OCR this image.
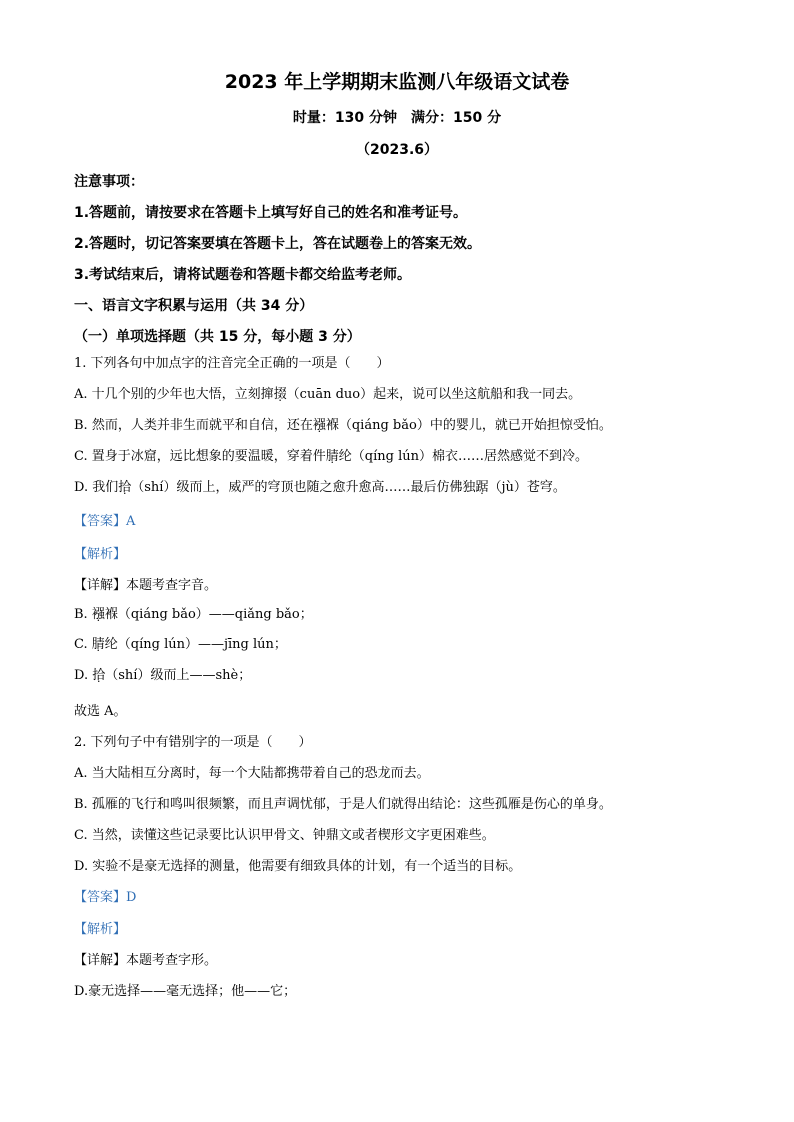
2023 年上学期期末监测八年级语文试卷
时量：130 分钟　满分：150 分
（2023.6）
注意事项：
1.答题前，请按要求在答题卡上填写好自己的姓名和准考证号。
2.答题时，切记答案要填在答题卡上，答在试题卷上的答案无效。
3.考试结束后，请将试题卷和答题卡都交给监考老师。
一、语言文字积累与运用（共 34 分）
（一）单项选择题（共 15 分，每小题 3 分）
1. 下列各句中加点字的注音完全正确的一项是（　　）
A. 十几个别的少年也大悟，立刻撺掇（cuān duo）起来，说可以坐这航船和我一同去。
B. 然而，人类并非生而就平和自信，还在襁褓（qiáng bǎo）中的婴儿，就已开始担惊受怕。
C. 置身于冰窟，远比想象的要温暖，穿着件腈纶（qíng lún）棉衣……居然感觉不到冷。
D. 我们拾（shí）级而上，威严的穹顶也随之愈升愈高……最后仿佛独踞（jù）苍穹。
【答案】A
【解析】
【详解】本题考查字音。
B. 襁褓（qiáng bǎo）——qiǎng bǎo；
C. 腈纶（qíng lún）——jīng lún；
D. 拾（shí）级而上——shè；
故选 A。
2. 下列句子中有错别字的一项是（　　）
A. 当大陆相互分离时，每一个大陆都携带着自己的恐龙而去。
B. 孤雁的飞行和鸣叫很频繁，而且声调忧郁，于是人们就得出结论：这些孤雁是伤心的单身。
C. 当然，读懂这些记录要比认识甲骨文、钟鼎文或者楔形文字更困难些。
D. 实验不是豪无选择的测量，他需要有细致具体的计划，有一个适当的目标。
【答案】D
【解析】
【详解】本题考查字形。
D.豪无选择——毫无选择；他——它；
